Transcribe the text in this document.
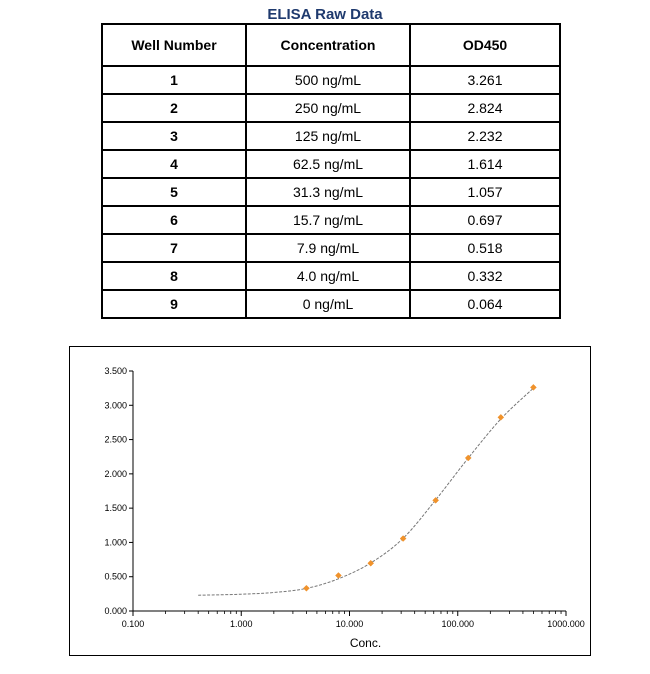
ELISA Raw Data
Well Number	Concentration	OD450
1	500 ng/mL	3.261
2	250 ng/mL	2.824
3	125 ng/mL	2.232
4	62.5 ng/mL	1.614
5	31.3 ng/mL	1.057
6	15.7 ng/mL	0.697
7	7.9 ng/mL	0.518
8	4.0 ng/mL	0.332
9	0 ng/mL	0.064
0.000
0.500
1.000
1.500
2.000
2.500
3.000
3.500
0.100	1.000	10.000	100.000	1000.000
Conc.
